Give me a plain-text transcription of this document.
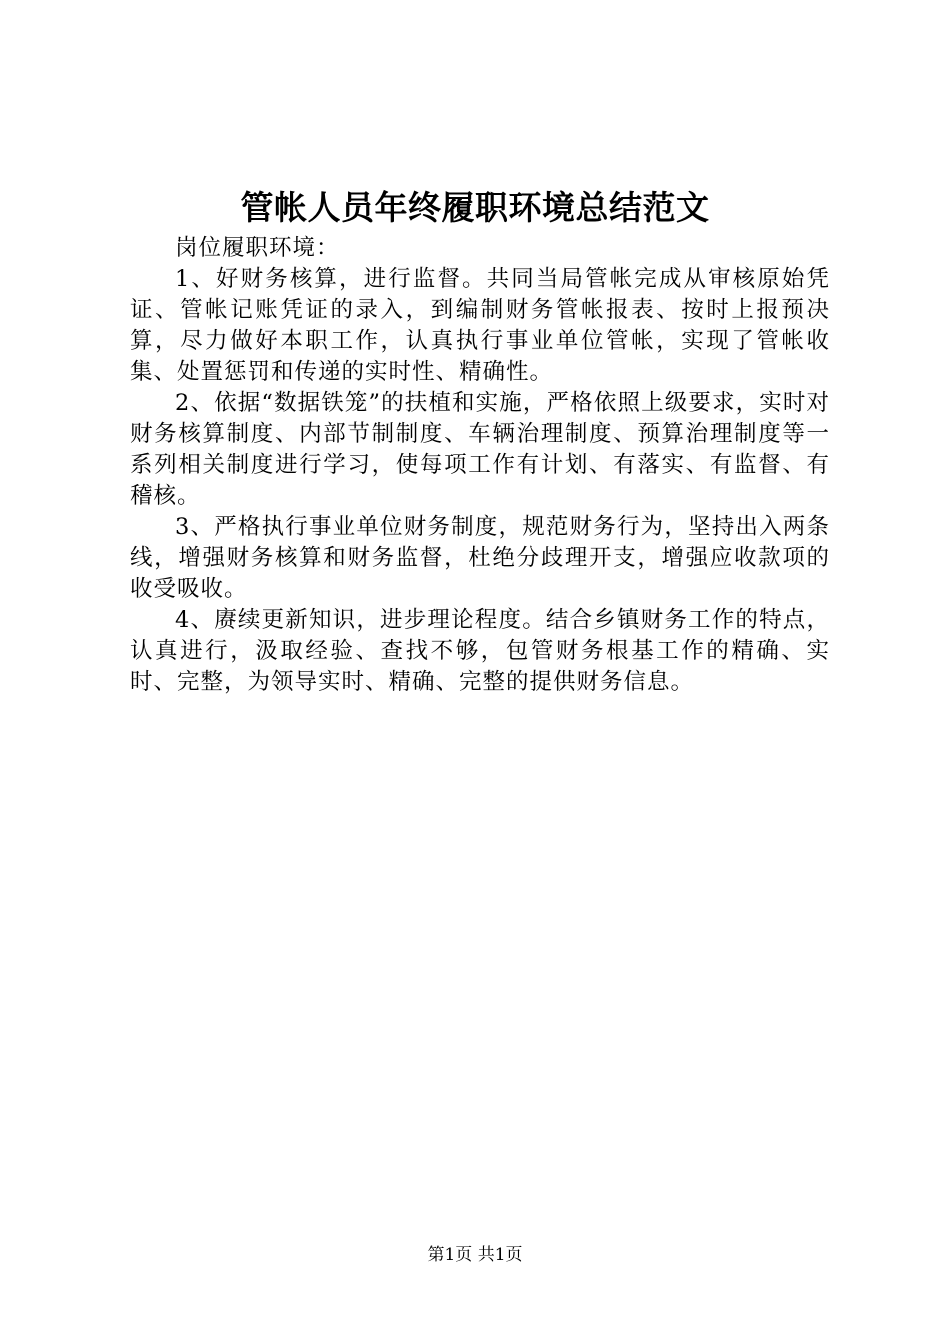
管帐人员年终履职环境总结范文

岗位履职环境：

1、好财务核算，进行监督。共同当局管帐完成从审核原始凭证、管帐记账凭证的录入，到编制财务管帐报表、按时上报预决算，尽力做好本职工作，认真执行事业单位管帐，实现了管帐收集、处置惩罚和传递的实时性、精确性。

2、依据“数据铁笼”的扶植和实施，严格依照上级要求，实时对财务核算制度、内部节制制度、车辆治理制度、预算治理制度等一系列相关制度进行学习，使每项工作有计划、有落实、有监督、有稽核。

3、严格执行事业单位财务制度，规范财务行为，坚持出入两条线，增强财务核算和财务监督，杜绝分歧理开支，增强应收款项的收受吸收。

4、赓续更新知识，进步理论程度。结合乡镇财务工作的特点，认真进行，汲取经验、查找不够，包管财务根基工作的精确、实时、完整，为领导实时、精确、完整的提供财务信息。

第1页 共1页
